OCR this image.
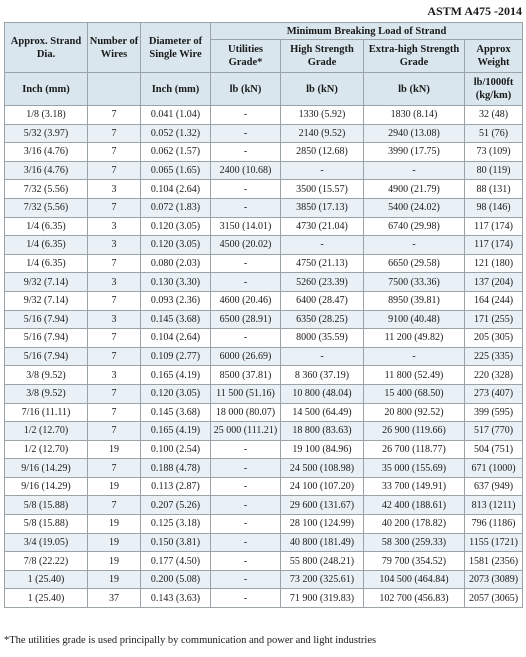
ASTM A475 -2014
Approx. Strand Dia.	Number of Wires	Diameter of Single Wire	Minimum Breaking Load of Strand			
			Utilities Grade*	High Strength Grade	Extra-high Strength Grade	Approx Weight
Inch (mm)		Inch (mm)	lb (kN)	lb (kN)	lb (kN)	lb/1000ft (kg/km)
1/8 (3.18)	7	0.041 (1.04)	-	1330 (5.92)	1830 (8.14)	32 (48)
5/32 (3.97)	7	0.052 (1.32)	-	2140 (9.52)	2940 (13.08)	51 (76)
3/16 (4.76)	7	0.062 (1.57)	-	2850 (12.68)	3990 (17.75)	73 (109)
3/16 (4.76)	7	0.065 (1.65)	2400 (10.68)	-	-	80 (119)
7/32 (5.56)	3	0.104 (2.64)	-	3500 (15.57)	4900 (21.79)	88 (131)
7/32 (5.56)	7	0.072 (1.83)	-	3850 (17.13)	5400 (24.02)	98 (146)
1/4 (6.35)	3	0.120 (3.05)	3150 (14.01)	4730 (21.04)	6740 (29.98)	117 (174)
1/4 (6.35)	3	0.120 (3.05)	4500 (20.02)	-	-	117 (174)
1/4 (6.35)	7	0.080 (2.03)	-	4750 (21.13)	6650 (29.58)	121 (180)
9/32 (7.14)	3	0.130 (3.30)	-	5260 (23.39)	7500 (33.36)	137 (204)
9/32 (7.14)	7	0.093 (2.36)	4600 (20.46)	6400 (28.47)	8950 (39.81)	164 (244)
5/16 (7.94)	3	0.145 (3.68)	6500 (28.91)	6350 (28.25)	9100 (40.48)	171 (255)
5/16 (7.94)	7	0.104 (2.64)	-	8000 (35.59)	11 200 (49.82)	205 (305)
5/16 (7.94)	7	0.109 (2.77)	6000 (26.69)	-	-	225 (335)
3/8 (9.52)	3	0.165 (4.19)	8500 (37.81)	8 360 (37.19)	11 800 (52.49)	220 (328)
3/8 (9.52)	7	0.120 (3.05)	11 500 (51.16)	10 800 (48.04)	15 400 (68.50)	273 (407)
7/16 (11.11)	7	0.145 (3.68)	18 000 (80.07)	14 500 (64.49)	20 800 (92.52)	399 (595)
1/2 (12.70)	7	0.165 (4.19)	25 000 (111.21)	18 800 (83.63)	26 900 (119.66)	517 (770)
1/2 (12.70)	19	0.100 (2.54)	-	19 100 (84.96)	26 700 (118.77)	504 (751)
9/16 (14.29)	7	0.188 (4.78)	-	24 500 (108.98)	35 000 (155.69)	671 (1000)
9/16 (14.29)	19	0.113 (2.87)	-	24 100 (107.20)	33 700 (149.91)	637 (949)
5/8 (15.88)	7	0.207 (5.26)	-	29 600 (131.67)	42 400 (188.61)	813 (1211)
5/8 (15.88)	19	0.125 (3.18)	-	28 100 (124.99)	40 200 (178.82)	796 (1186)
3/4 (19.05)	19	0.150 (3.81)	-	40 800 (181.49)	58 300 (259.33)	1155 (1721)
7/8 (22.22)	19	0.177 (4.50)	-	55 800 (248.21)	79 700 (354.52)	1581 (2356)
1 (25.40)	19	0.200 (5.08)	-	73 200 (325.61)	104 500 (464.84)	2073 (3089)
1 (25.40)	37	0.143 (3.63)	-	71 900 (319.83)	102 700 (456.83)	2057 (3065)
*The utilities grade is used principally by communication and power and light industries
